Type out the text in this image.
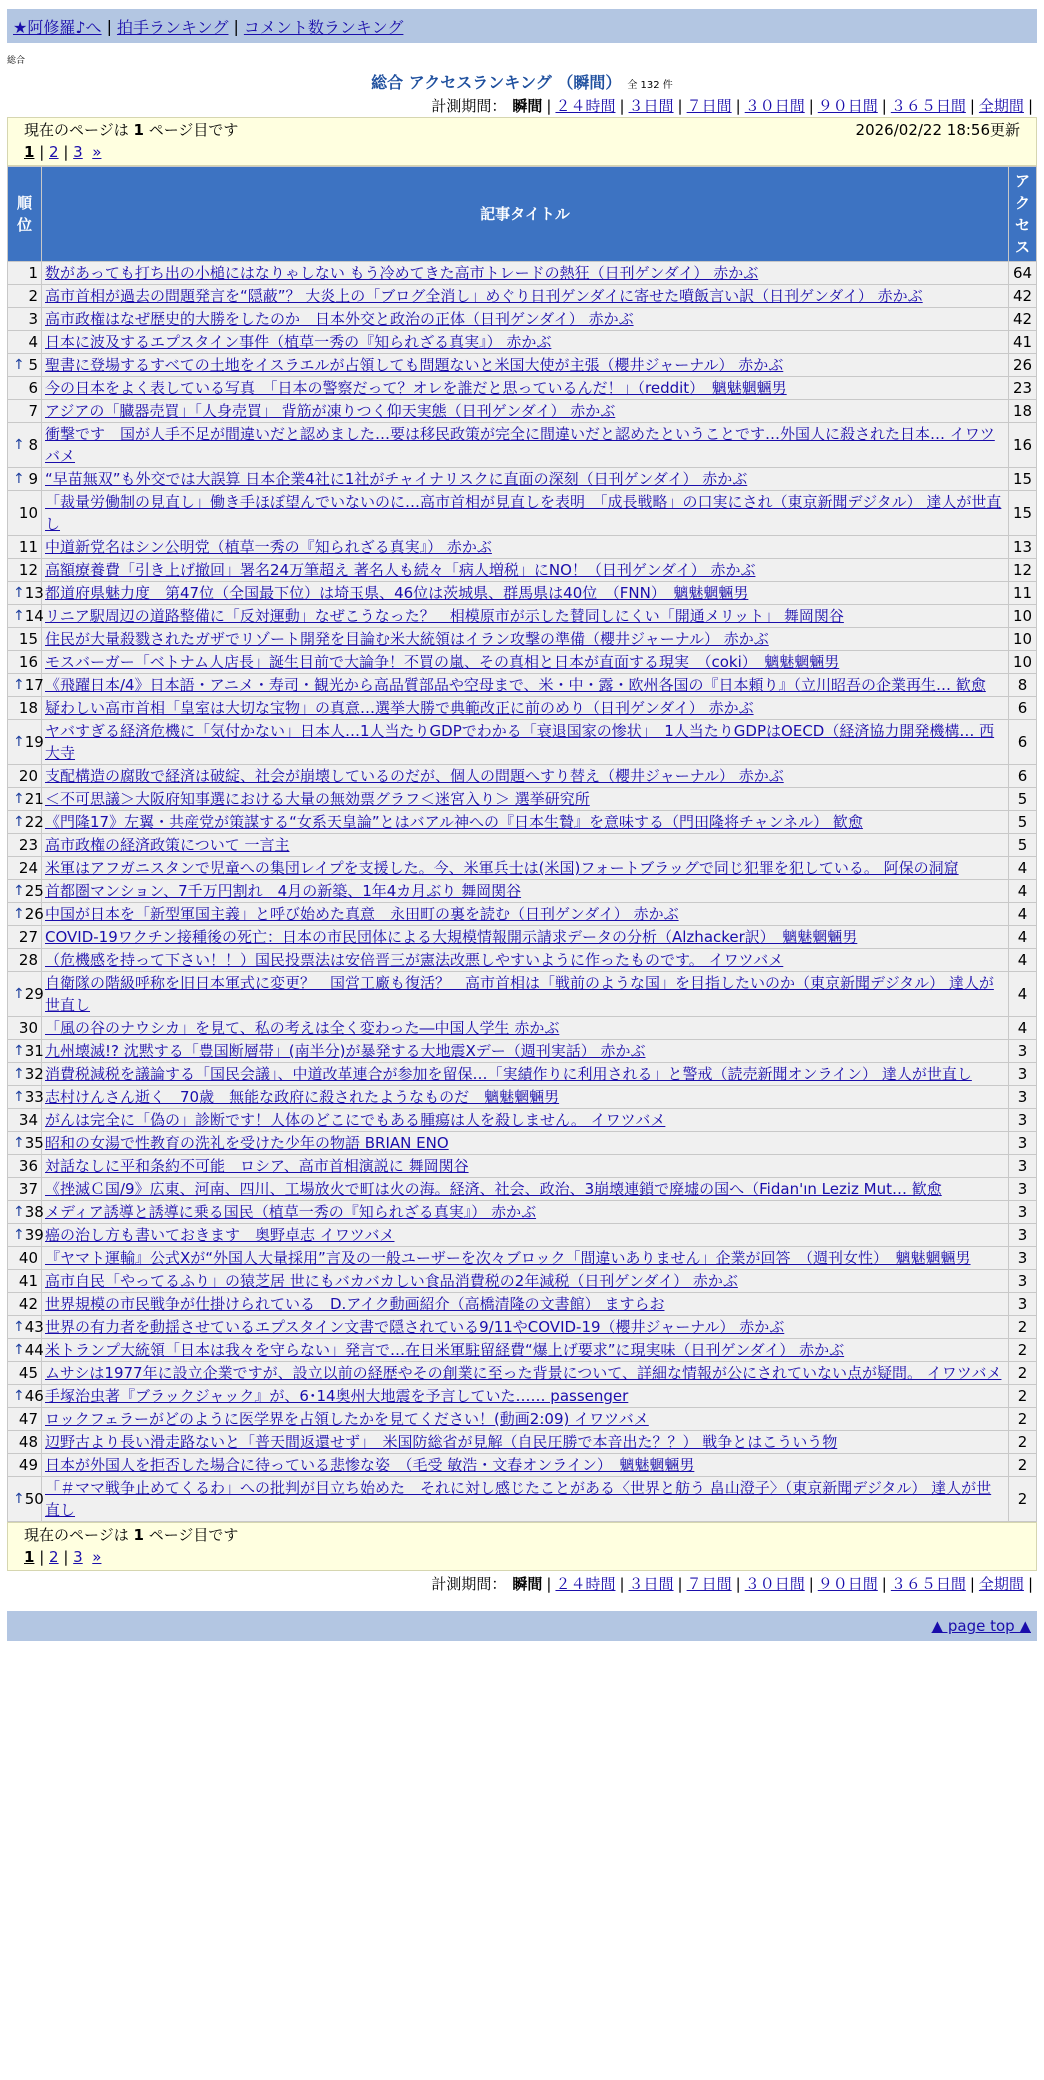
★阿修羅♪へ | 拍手ランキング | コメント数ランキング
総合
総合 アクセスランキング （瞬間） 全 132 件
計測期間： 瞬間 | ２４時間 | ３日間 | ７日間 | ３０日間 | ９０日間 | ３６５日間 | 全期間 |
現在のページは 1 ページ目です	2026/02/22 18:56更新
1 | 2 | 3 »
順位	記事タイトル	アクセス
1	数があっても打ち出の小槌にはなりゃしない もう冷めてきた高市トレードの熱狂（日刊ゲンダイ） 赤かぶ	64
2	高市首相が過去の問題発言を“隠蔽”？ 大炎上の「ブログ全消し」めぐり日刊ゲンダイに寄せた噴飯言い訳（日刊ゲンダイ） 赤かぶ	42
3	高市政権はなぜ歴史的大勝をしたのか　日本外交と政治の正体（日刊ゲンダイ） 赤かぶ	42
4	日本に波及するエプスタイン事件（植草一秀の『知られざる真実』） 赤かぶ	41

↑ 5	聖書に登場するすべての土地をイスラエルが占領しても問題ないと米国大使が主張（櫻井ジャーナル） 赤かぶ	26
6	今の日本をよく表している写真　「日本の警察だって？オレを誰だと思っているんだ！」（reddit）　魑魅魍魎男	23
7	アジアの「臓器売買」「人身売買」 背筋が凍りつく仰天実態（日刊ゲンダイ） 赤かぶ	18

↑ 8	衝撃です　国が人手不足が間違いだと認めました…要は移民政策が完全に間違いだと認めたということです…外国人に殺された日本… イワツバメ	16

↑ 9	“早苗無双”も外交では大誤算 日本企業4社に1社がチャイナリスクに直面の深刻（日刊ゲンダイ） 赤かぶ	15
10	「裁量労働制の見直し」働き手ほぼ望んでいないのに…高市首相が見直しを表明　「成長戦略」の口実にされ（東京新聞デジタル） 達人が世直し	15
11	中道新党名はシン公明党（植草一秀の『知られざる真実』） 赤かぶ	13
12	高額療養費「引き上げ撤回」署名24万筆超え 著名人も続々「病人増税」にNO！（日刊ゲンダイ） 赤かぶ	12

↑ 13	都道府県魅力度　第47位（全国最下位）は埼玉県、46位は茨城県、群馬県は40位　（FNN）　魑魅魍魎男	11

↑ 14	リニア駅周辺の道路整備に「反対運動」なぜこうなった？　相模原市が示した賛同しにくい「開通メリット」 舞岡関谷	10
15	住民が大量殺戮されたガザでリゾート開発を目論む米大統領はイラン攻撃の準備（櫻井ジャーナル） 赤かぶ	10
16	モスバーガー「ベトナム人店長」誕生目前で大論争！不買の嵐、その真相と日本が直面する現実　（coki）　魑魅魍魎男	10

↑ 17	《飛躍日本/4》日本語・アニメ・寿司・観光から高品質部品や空母まで、米・中・露・欧州各国の『日本頼り』（立川昭吾の企業再生… 歓愈	8
18	疑わしい高市首相「皇室は大切な宝物」の真意…選挙大勝で典範改正に前のめり（日刊ゲンダイ） 赤かぶ	6

↑ 19	ヤバすぎる経済危機に「気付かない」日本人…1人当たりGDPでわかる「衰退国家の惨状」　1人当たりGDPはOECD（経済協力開発機構… 西大寺	6
20	支配構造の腐敗で経済は破綻、社会が崩壊しているのだが、個人の問題へすり替え（櫻井ジャーナル） 赤かぶ	6

↑ 21	＜不可思議＞大阪府知事選における大量の無効票グラフ＜迷宮入り＞ 選挙研究所	5

↑ 22	《門隆17》左翼・共産党が策謀する“女系天皇論”とはバアル神への『日本生贄』を意味する（門田隆将チャンネル） 歓愈	5
23	高市政権の経済政策について 一言主	5
24	米軍はアフガニスタンで児童への集団レイプを支援した。今、米軍兵士は(米国)フォートブラッグで同じ犯罪を犯している。 阿保の洞窟	4

↑ 25	首都圏マンション、7千万円割れ　4月の新築、1年4カ月ぶり 舞岡関谷	4

↑ 26	中国が日本を「新型軍国主義」と呼び始めた真意　永田町の裏を読む（日刊ゲンダイ） 赤かぶ	4
27	COVID-19ワクチン接種後の死亡：日本の市民団体による大規模情報開示請求データの分析（Alzhacker訳）　魑魅魍魎男	4
28	（危機感を持って下さい！！）国民投票法は安倍晋三が憲法改悪しやすいように作ったものです。 イワツバメ	4

↑ 29	自衛隊の階級呼称を旧日本軍式に変更？　国営工廠も復活？　高市首相は「戦前のような国」を目指したいのか（東京新聞デジタル） 達人が世直し	4
30	「風の谷のナウシカ」を見て、私の考えは全く変わった―中国人学生 赤かぶ	4

↑ 31	九州壊滅!? 沈黙する「豊国断層帯」(南半分)が暴発する大地震Xデー（週刊実話） 赤かぶ	3

↑ 32	消費税減税を議論する「国民会議」、中道改革連合が参加を留保…「実績作りに利用される」と警戒（読売新聞オンライン） 達人が世直し	3

↑ 33	志村けんさん逝く　70歳　無能な政府に殺されたようなものだ　魑魅魍魎男	3
34	がんは完全に「偽の」診断です！人体のどこにでもある腫瘍は人を殺しません。 イワツバメ	3

↑ 35	昭和の女湯で性教育の洗礼を受けた少年の物語 BRIAN ENO	3
36	対話なしに平和条約不可能　ロシア、高市首相演説に 舞岡関谷	3
37	《挫滅Ｃ国/9》広東、河南、四川、工場放火で町は火の海。経済、社会、政治、3崩壊連鎖で廃墟の国へ（Fidan'ın Leziz Mut… 歓愈	3

↑ 38	メディア誘導と誘導に乗る国民（植草一秀の『知られざる真実』） 赤かぶ	3

↑ 39	癌の治し方も書いておきます　奥野卓志 イワツバメ	3
40	『ヤマト運輸』公式Xが“外国人大量採用”言及の一般ユーザーを次々ブロック「間違いありません」企業が回答　（週刊女性）　魑魅魍魎男	3
41	高市自民「やってるふり」の猿芝居 世にもバカバカしい食品消費税の2年減税（日刊ゲンダイ） 赤かぶ	3
42	世界規模の市民戦争が仕掛けられている　D.アイク動画紹介（高橋清隆の文書館） ますらお	3

↑ 43	世界の有力者を動揺させているエプスタイン文書で隠されている9/11やCOVID-19（櫻井ジャーナル） 赤かぶ	2

↑ 44	米トランプ大統領「日本は我々を守らない」発言で…在日米軍駐留経費“爆上げ要求”に現実味（日刊ゲンダイ） 赤かぶ	2
45	ムサシは1977年に設立企業ですが、設立以前の経歴やその創業に至った背景について、詳細な情報が公にされていない点が疑問。 イワツバメ	2

↑ 46	手塚治虫著『ブラックジャック』が、6･14奥州大地震を予言していた…… passenger	2
47	ロックフェラーがどのように医学界を占領したかを見てください！(動画2:09) イワツバメ	2
48	辺野古より長い滑走路ないと「普天間返還せず」　米国防総省が見解（自民圧勝で本音出た？？） 戦争とはこういう物	2
49	日本が外国人を拒否した場合に待っている悲惨な姿　（毛受 敏浩・文春オンライン）　魑魅魍魎男	2

↑ 50	「＃ママ戦争止めてくるわ」への批判が目立ち始めた　それに対し感じたことがある〈世界と舫う 畠山澄子〉（東京新聞デジタル） 達人が世直し	2
現在のページは 1 ページ目です
1 | 2 | 3 »
計測期間： 瞬間 | ２４時間 | ３日間 | ７日間 | ３０日間 | ９０日間 | ３６５日間 | 全期間 |
▲ page top ▲
